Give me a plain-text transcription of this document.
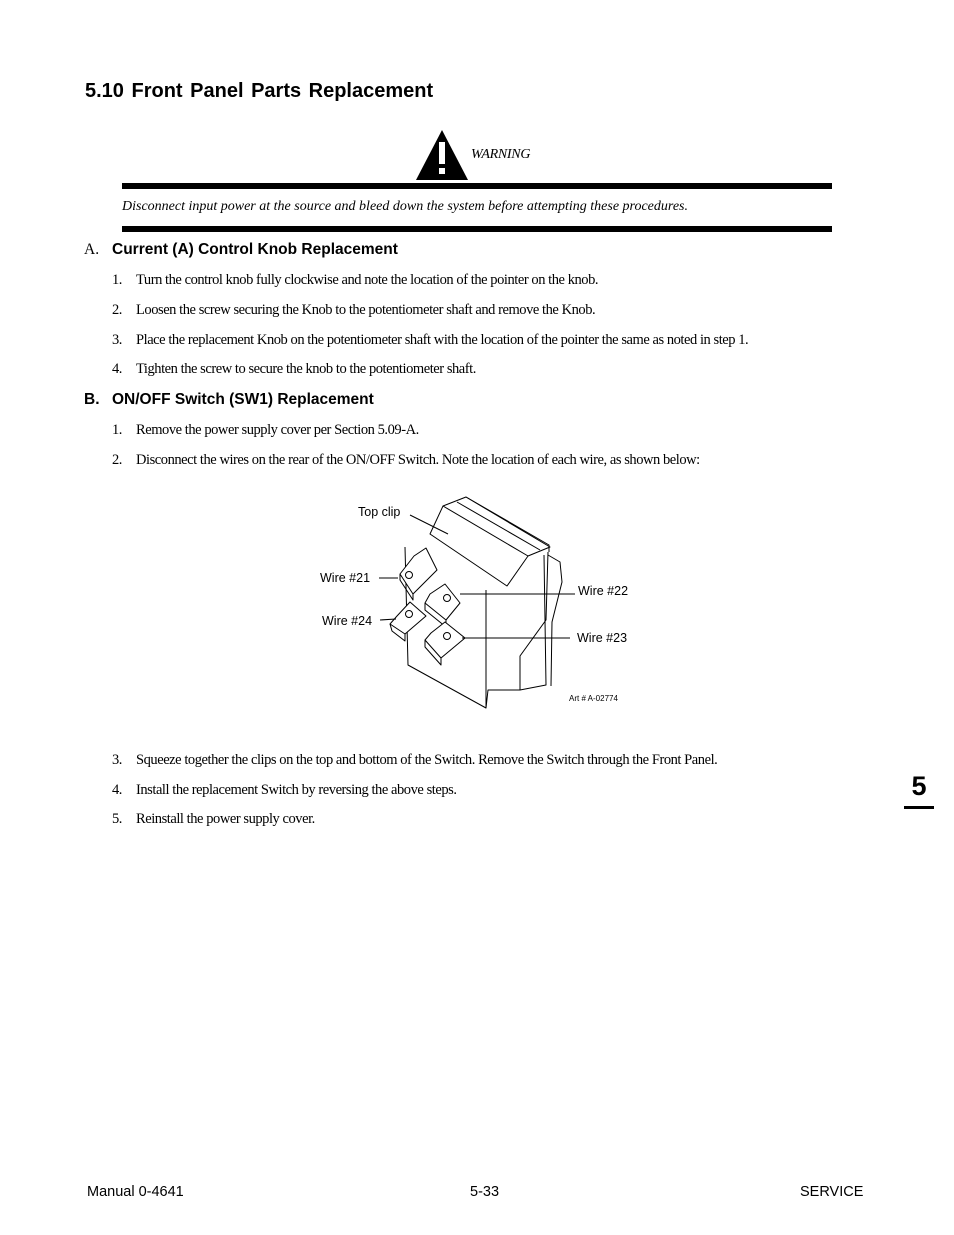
5.10 Front Panel Parts Replacement
WARNING
Disconnect input power at the source and bleed down the system before attempting these procedures.
A. Current (A) Control Knob Replacement
1. Turn the control knob fully clockwise and note the location of the pointer on the knob.
2. Loosen the screw securing the Knob to the potentiometer shaft and remove the Knob.
3. Place the replacement Knob on the potentiometer shaft with the location of the pointer the same as noted in step 1.
4. Tighten the screw to secure the knob to the potentiometer shaft.
B. ON/OFF Switch (SW1) Replacement
1. Remove the power supply cover per Section 5.09-A.
2. Disconnect the wires on the rear of the ON/OFF Switch. Note the location of each wire, as shown below:
Top clip
Wire #21
Wire #22
Wire #24
Wire #23
Art # A-02774
3. Squeeze together the clips on the top and bottom of the Switch. Remove the Switch through the Front Panel.
4. Install the replacement Switch by reversing the above steps.
5. Reinstall the power supply cover.
5
Manual 0-4641	5-33	SERVICE
